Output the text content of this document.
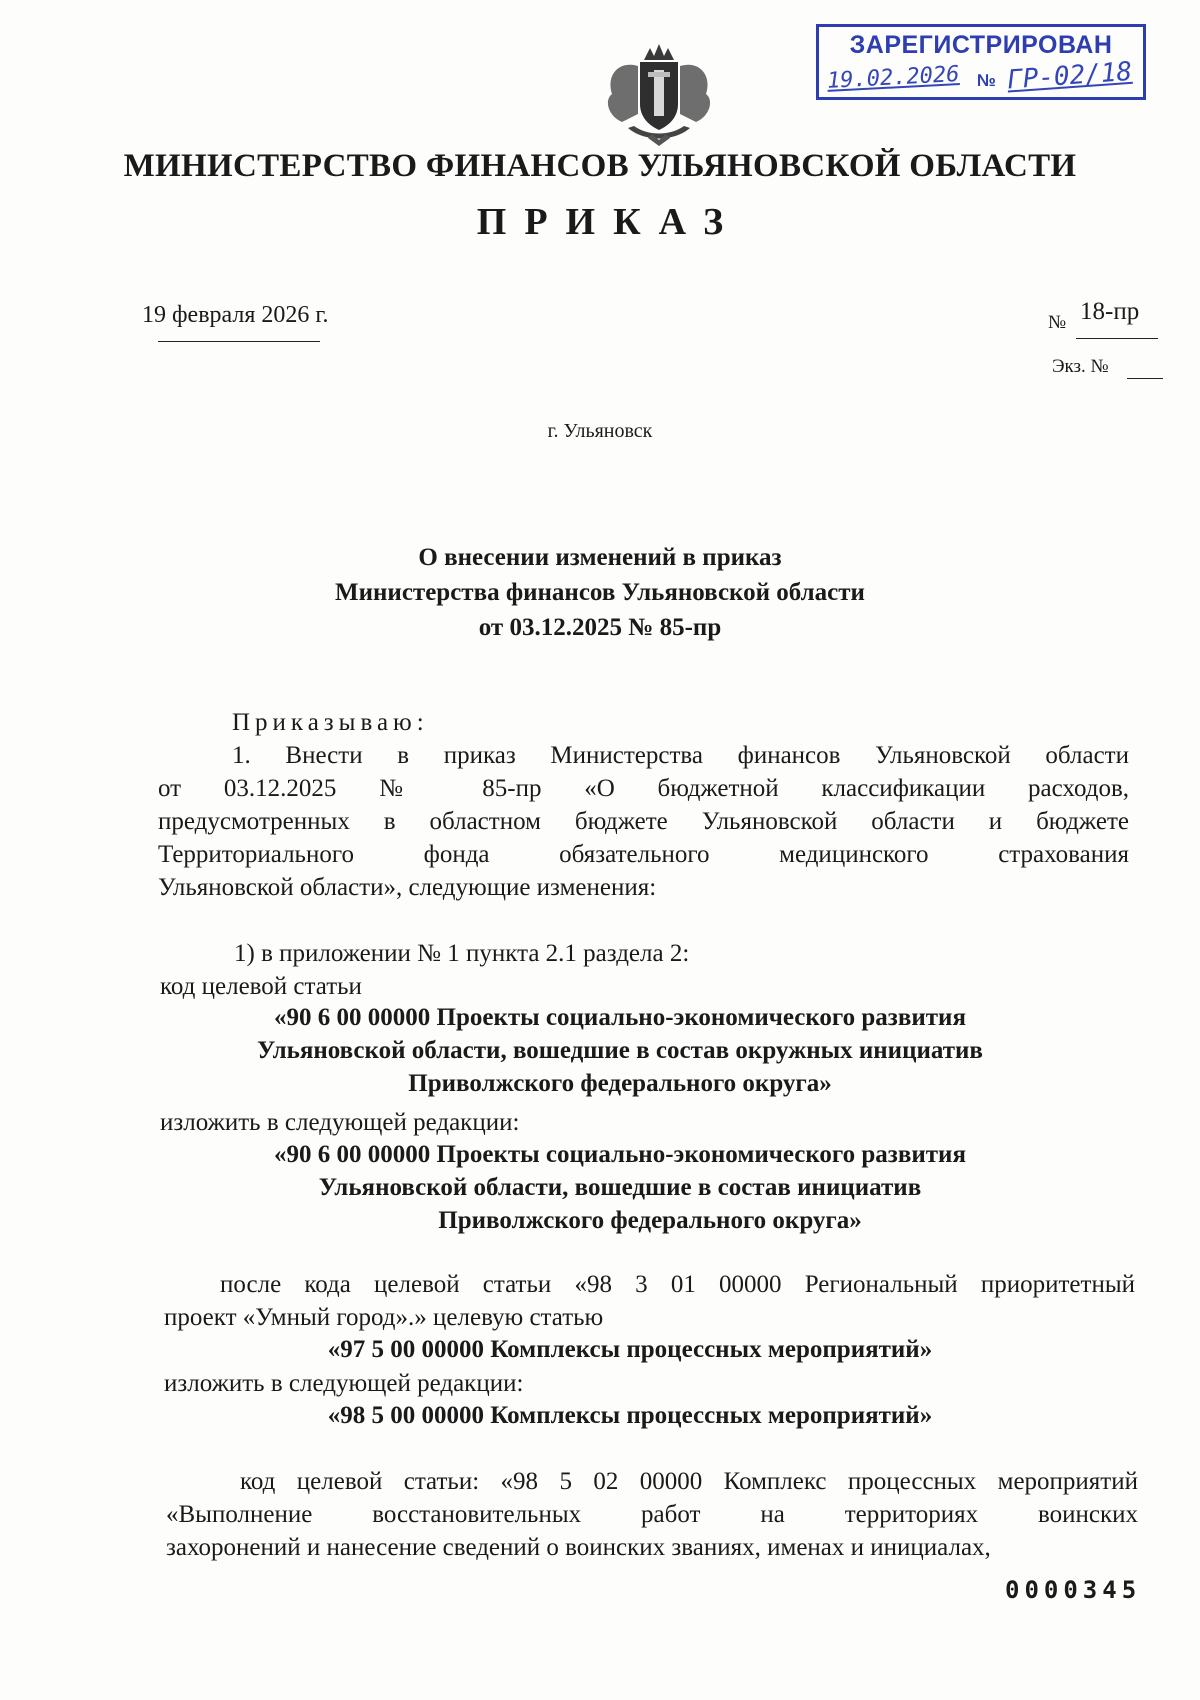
ЗАРЕГИСТРИРОВАН
19.02.2026 № ГР-02/18
МИНИСТЕРСТВО ФИНАНСОВ УЛЬЯНОВСКОЙ ОБЛАСТИ
ПРИКАЗ
19 февраля 2026 г.	№ 18-пр
Экз. №
г. Ульяновск
О внесении изменений в приказ
Министерства финансов Ульяновской области
от 03.12.2025 № 85-пр
Приказываю:
1. Внести в приказ Министерства финансов Ульяновской области
от 03.12.2025 № 85-пр «О бюджетной классификации расходов,
предусмотренных в областном бюджете Ульяновской области и бюджете
Территориального фонда обязательного медицинского страхования
Ульяновской области», следующие изменения:
1) в приложении № 1 пункта 2.1 раздела 2:
код целевой статьи
«90 6 00 00000 Проекты социально-экономического развития
Ульяновской области, вошедшие в состав окружных инициатив
Приволжского федерального округа»
изложить в следующей редакции:
«90 6 00 00000 Проекты социально-экономического развития
Ульяновской области, вошедшие в состав инициатив
Приволжского федерального округа»
после кода целевой статьи «98 3 01 00000 Региональный приоритетный
проект «Умный город».» целевую статью
«97 5 00 00000 Комплексы процессных мероприятий»
изложить в следующей редакции:
«98 5 00 00000 Комплексы процессных мероприятий»
код целевой статьи: «98 5 02 00000 Комплекс процессных мероприятий
«Выполнение восстановительных работ на территориях воинских
захоронений и нанесение сведений о воинских званиях, именах и инициалах,
0000345
